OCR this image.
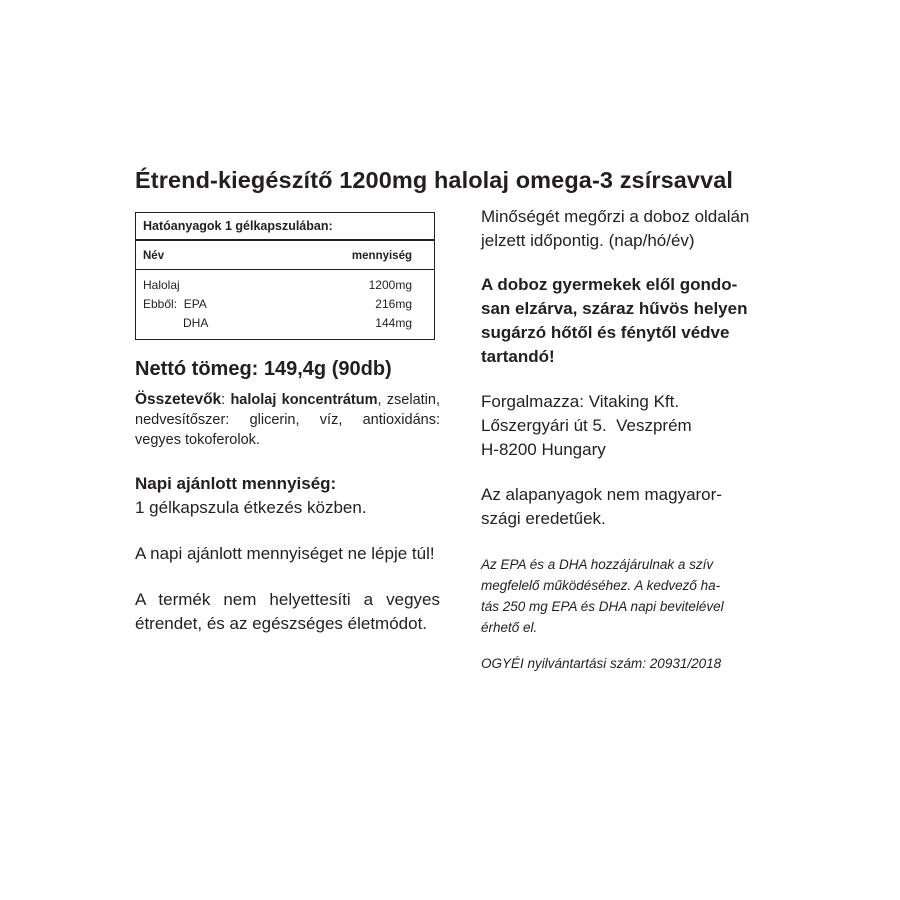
Étrend-kiegészítő 1200mg halolaj omega-3 zsírsavval
Hatóanyagok 1 gélkapszulában:
Név	mennyiség
Halolaj	1200mg
Ebből:  EPA	216mg
DHA	144mg
Nettó tömeg: 149,4g (90db)
Összetevők: halolaj koncentrátum, zselatin, nedvesítőszer: glicerin, víz, antioxidáns: vegyes tokoferolok.
Napi ajánlott mennyiség:
1 gélkapszula étkezés közben.
A napi ajánlott mennyiséget ne lépje túl!
A termék nem helyettesíti a vegyes étrendet, és az egészséges életmódot.
Minőségét megőrzi a doboz oldalán
jelzett időpontig. (nap/hó/év)
A doboz gyermekek elől gondo-
san elzárva, száraz hűvös helyen
sugárzó hőtől és fénytől védve
tartandó!
Forgalmazza: Vitaking Kft.
Lőszergyári út 5.  Veszprém
H-8200 Hungary
Az alapanyagok nem magyaror-
szági eredetűek.
Az EPA és a DHA hozzájárulnak a szív
megfelelő működéséhez. A kedvező ha-
tás 250 mg EPA és DHA napi bevitelével
érhető el.
OGYÉI nyilvántartási szám: 20931/2018
